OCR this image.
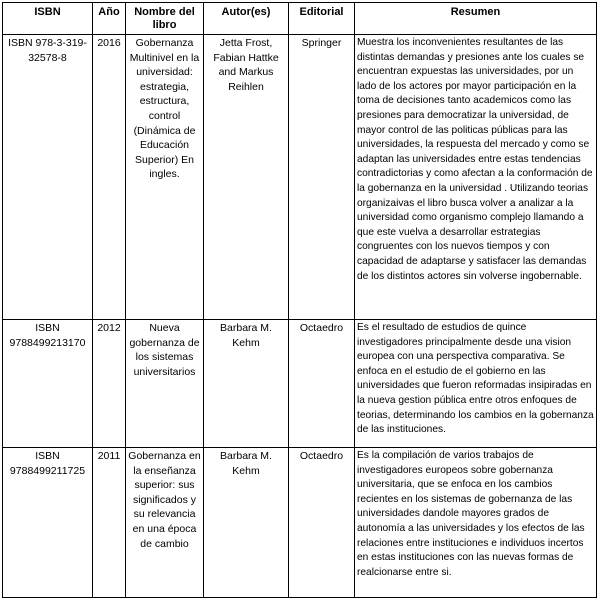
ISBN	Año	Nombre del libro	Autor(es)	Editorial	Resumen
ISBN 978-3-319-32578-8	2016	Gobernanza Multinivel en la universidad: estrategia, estructura, control (Dinámica de Educación Superior) En ingles.	Jetta Frost, Fabian Hattke and Markus Reihlen	Springer	Muestra los inconvenientes resultantes de las distintas demandas y presiones ante los cuales se encuentran expuestas las universidades, por un lado de los actores por mayor participación en la toma de decisiones tanto academicos como las presiones para democratizar la universidad, de mayor control de las politicas públicas para las universidades, la respuesta del mercado y como se adaptan las universidades entre estas tendencias contradictorias y como afectan a la conformación de la gobernanza en la universidad . Utilizando teorias organizaivas el libro busca volver a analizar a la universidad como organismo complejo llamando a que este vuelva a desarrollar estrategias congruentes con los nuevos tiempos y con capacidad de adaptarse y satisfacer las demandas de los distintos actores sin volverse ingobernable.
ISBN 9788499213170	2012	Nueva gobernanza de los sistemas universitarios	Barbara M. Kehm	Octaedro	Es el resultado de estudios de quince investigadores principalmente desde una vision europea con una perspectiva comparativa. Se enfoca en el estudio de el gobierno en las universidades que fueron reformadas insipiradas en la nueva gestion pública entre otros enfoques de teorias, determinando los cambios en la gobernanza de las instituciones.
ISBN 9788499211725	2011	Gobernanza en la enseñanza superior: sus significados y su relevancia en una época de cambio	Barbara M. Kehm	Octaedro	Es la compilación de varios trabajos de investigadores europeos sobre gobernanza universitaria, que se enfoca en los cambios recientes en los sistemas de gobernanza de las universidades dandole mayores grados de autonomía a las universidades y los efectos de las relaciones entre instituciones e individuos incertos en estas instituciones con las nuevas formas de realcionarse entre si.
